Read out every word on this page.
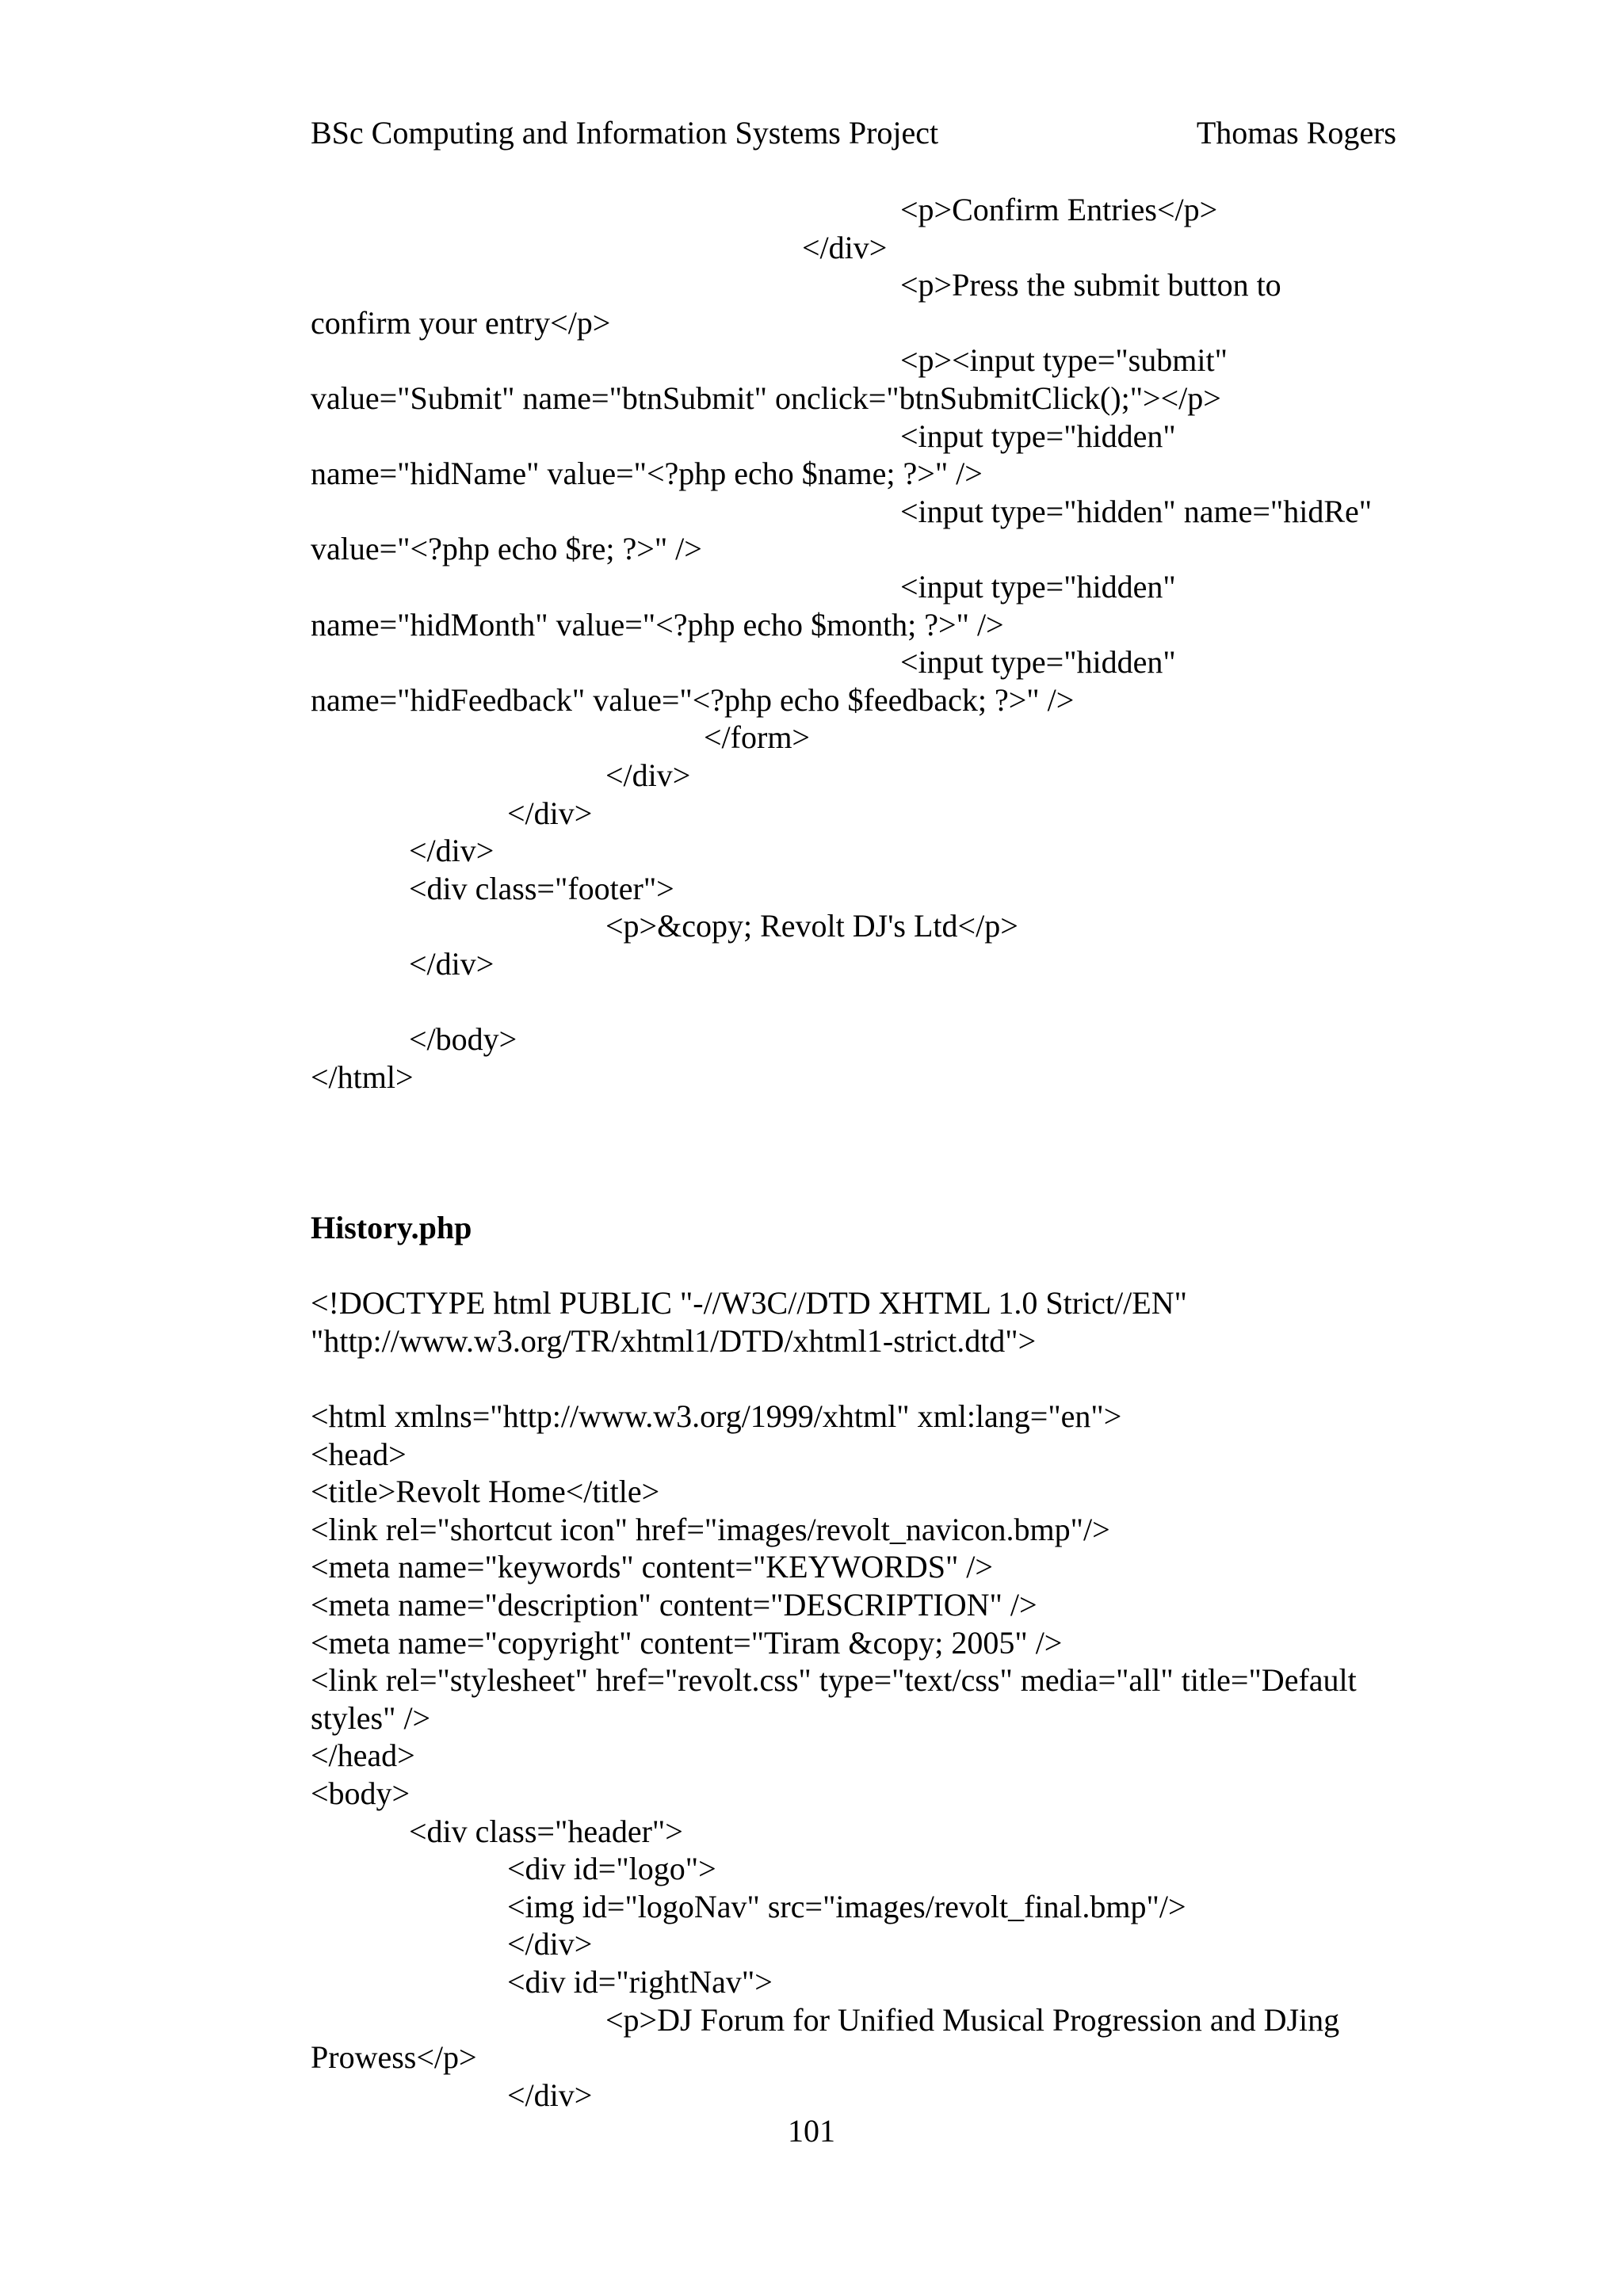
BSc Computing and Information Systems Project	Thomas Rogers
<p>Confirm Entries</p>
</div>
<p>Press the submit button to
confirm your entry</p>
<p><input type="submit"
value="Submit" name="btnSubmit" onclick="btnSubmitClick();"></p>
<input type="hidden"
name="hidName" value="<?php echo $name; ?>" />
<input type="hidden" name="hidRe"
value="<?php echo $re; ?>" />
<input type="hidden"
name="hidMonth" value="<?php echo $month; ?>" />
<input type="hidden"
name="hidFeedback" value="<?php echo $feedback; ?>" />
</form>
</div>
</div>
</div>
<div class="footer">
<p>&copy; Revolt DJ's Ltd</p>
</div>
</body>
</html>
History.php
<!DOCTYPE html PUBLIC "-//W3C//DTD XHTML 1.0 Strict//EN"
"http://www.w3.org/TR/xhtml1/DTD/xhtml1-strict.dtd">
<html xmlns="http://www.w3.org/1999/xhtml" xml:lang="en">
<head>
<title>Revolt Home</title>
<link rel="shortcut icon" href="images/revolt_navicon.bmp"/>
<meta name="keywords" content="KEYWORDS" />
<meta name="description" content="DESCRIPTION" />
<meta name="copyright" content="Tiram &copy; 2005" />
<link rel="stylesheet" href="revolt.css" type="text/css" media="all" title="Default
styles" />
</head>
<body>
<div class="header">
<div id="logo">
<img id="logoNav" src="images/revolt_final.bmp"/>
</div>
<div id="rightNav">
<p>DJ Forum for Unified Musical Progression and DJing
Prowess</p>
</div>
101
